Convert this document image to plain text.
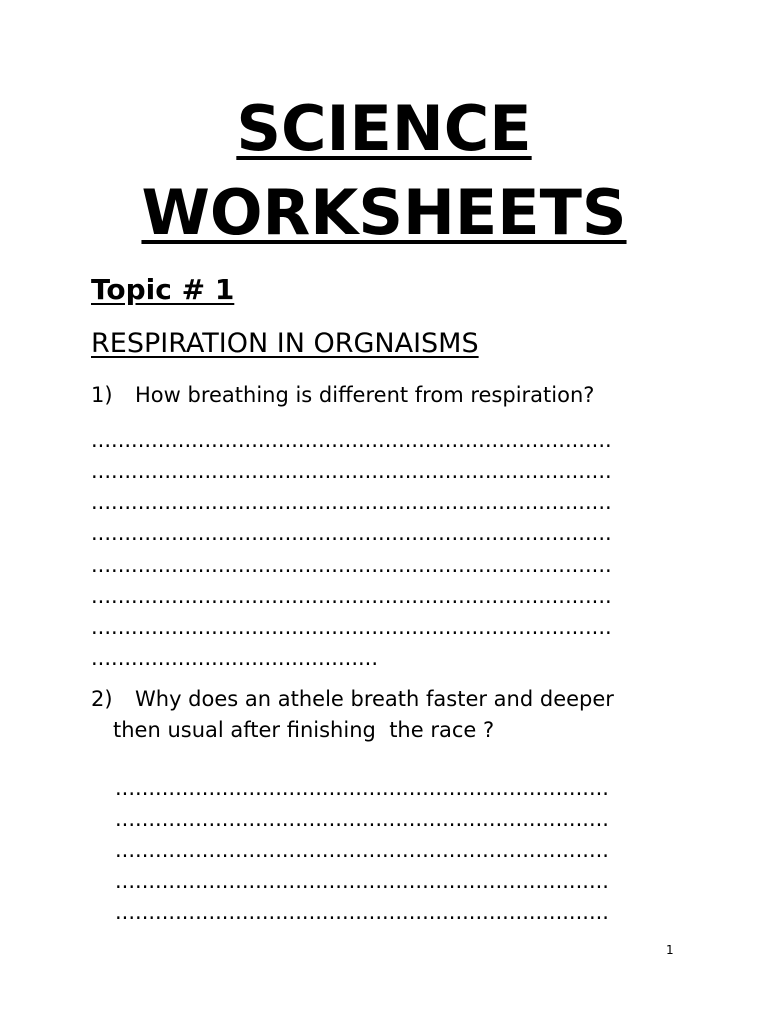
SCIENCE
WORKSHEETS
Topic # 1
RESPIRATION IN ORGNAISMS
1) How breathing is different from respiration?
..............................................................................
..............................................................................
..............................................................................
..............................................................................
..............................................................................
..............................................................................
..............................................................................
...........................................
2) Why does an athele breath faster and deeper
then usual after finishing  the race ?
..........................................................................
..........................................................................
..........................................................................
..........................................................................
..........................................................................
1
